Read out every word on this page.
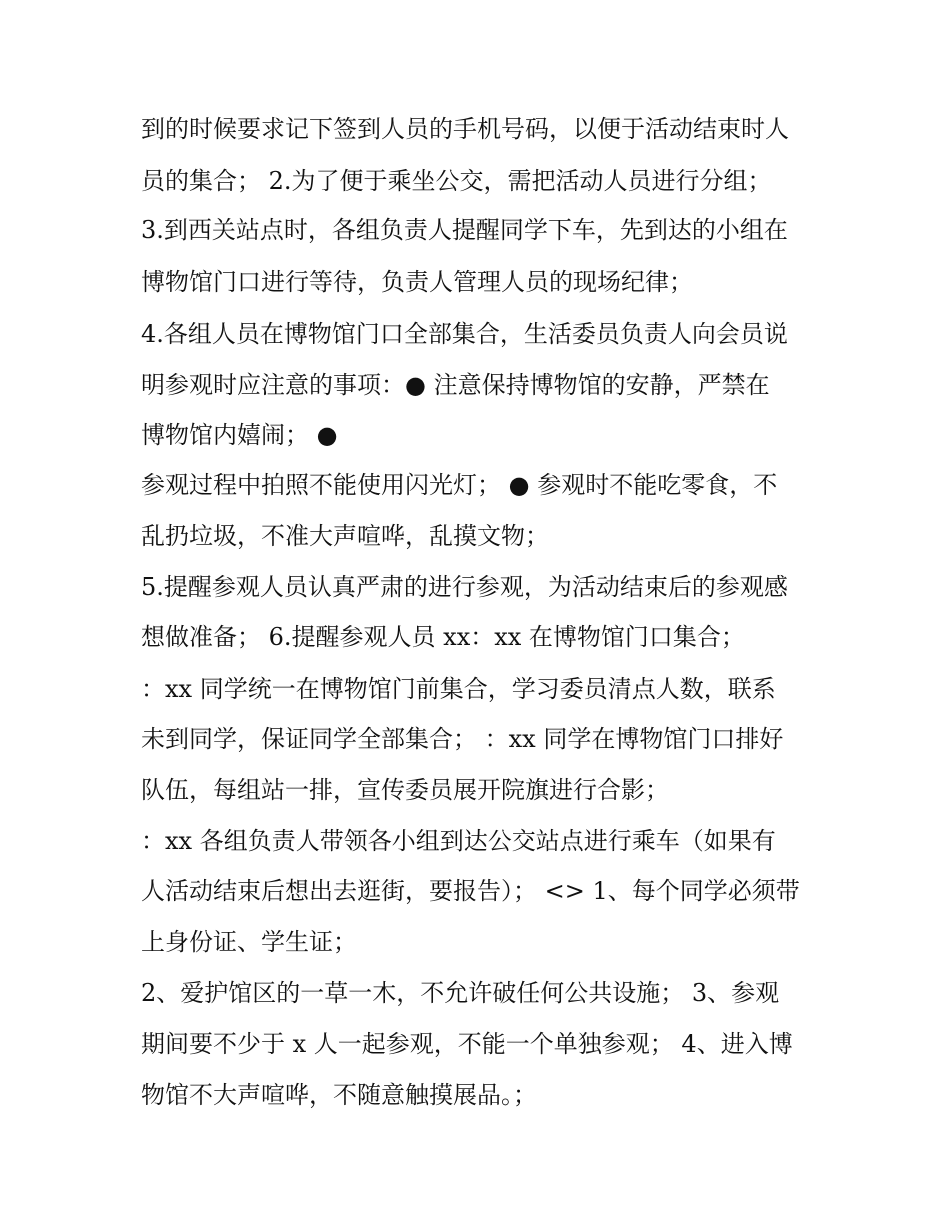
到的时候要求记下签到人员的手机号码，以便于活动结束时人
员的集合； 2.为了便于乘坐公交，需把活动人员进行分组；
3.到西关站点时，各组负责人提醒同学下车，先到达的小组在
博物馆门口进行等待，负责人管理人员的现场纪律；
4.各组人员在博物馆门口全部集合，生活委员负责人向会员说
明参观时应注意的事项：● 注意保持博物馆的安静，严禁在
博物馆内嬉闹； ●
参观过程中拍照不能使用闪光灯； ● 参观时不能吃零食，不
乱扔垃圾，不准大声喧哗，乱摸文物；
5.提醒参观人员认真严肃的进行参观，为活动结束后的参观感
想做准备； 6.提醒参观人员 xx：xx 在博物馆门口集合；
：xx 同学统一在博物馆门前集合，学习委员清点人数，联系
未到同学，保证同学全部集合； ：xx 同学在博物馆门口排好
队伍，每组站一排，宣传委员展开院旗进行合影；
：xx 各组负责人带领各小组到达公交站点进行乘车（如果有
人活动结束后想出去逛街，要报告）； <> 1、每个同学必须带
上身份证、学生证；
2、爱护馆区的一草一木，不允许破任何公共设施； 3、参观
期间要不少于 x 人一起参观，不能一个单独参观； 4、进入博
物馆不大声喧哗，不随意触摸展品。；
